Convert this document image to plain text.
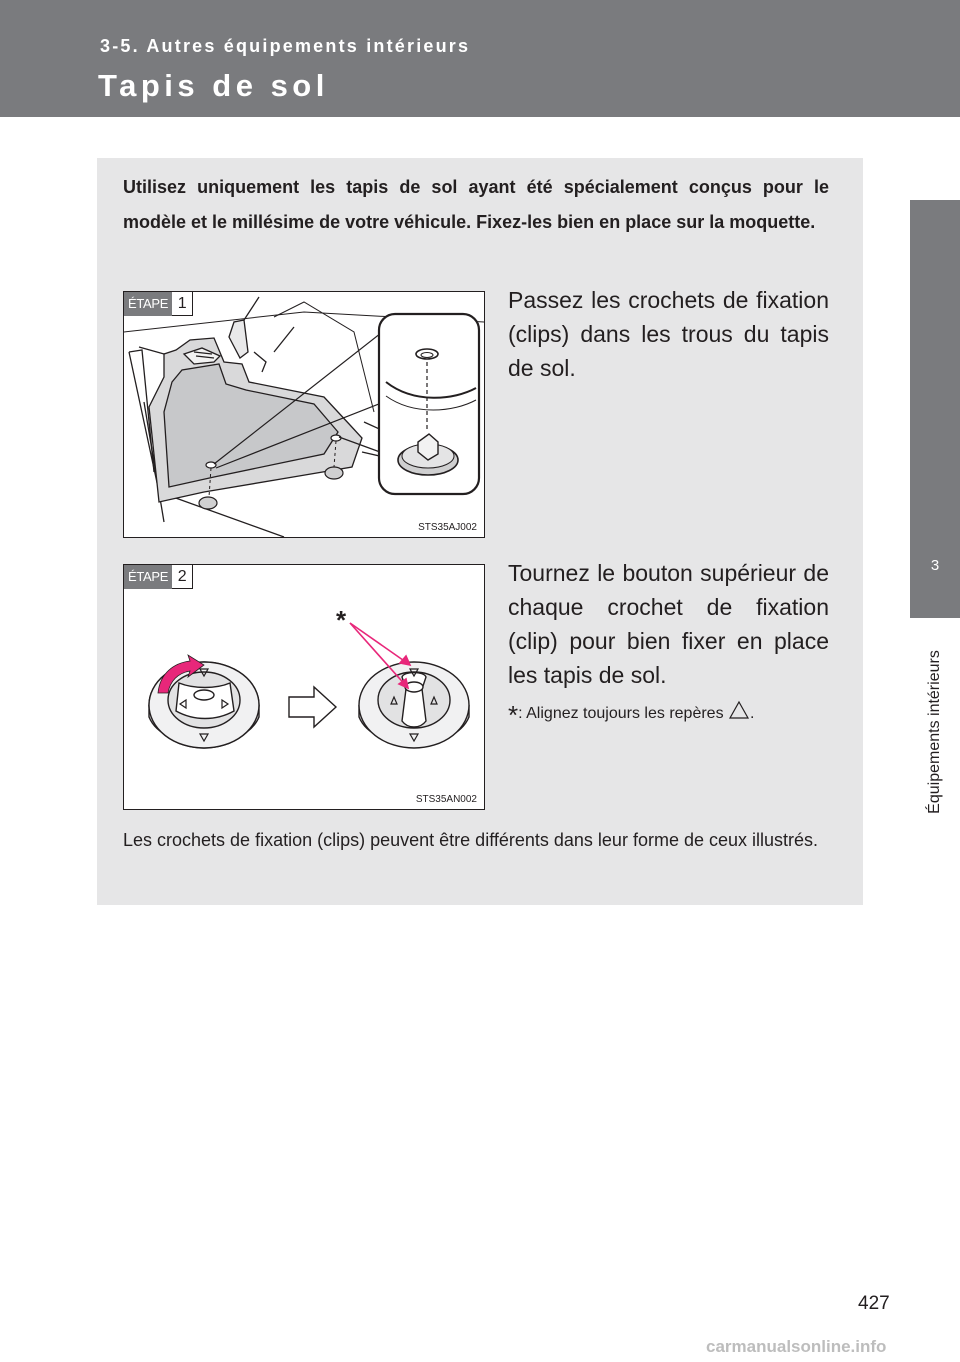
3-5. Autres équipements intérieurs
Tapis de sol
3
Équipements intérieurs
Utilisez uniquement les tapis de sol ayant été spécialement conçus pour le modèle et le millésime de votre véhicule. Fixez-les bien en place sur la moquette.
ÉTAPE 1
STS35AJ002
Passez les crochets de fixation (clips) dans les trous du tapis de sol.
*
ÉTAPE 2
STS35AN002
Tournez le bouton supérieur de chaque crochet de fixation (clip) pour bien fixer en place les tapis de sol.
*: Alignez toujours les repères .
Les crochets de fixation (clips) peuvent être différents dans leur forme de ceux illustrés.
427
carmanualsonline.info
